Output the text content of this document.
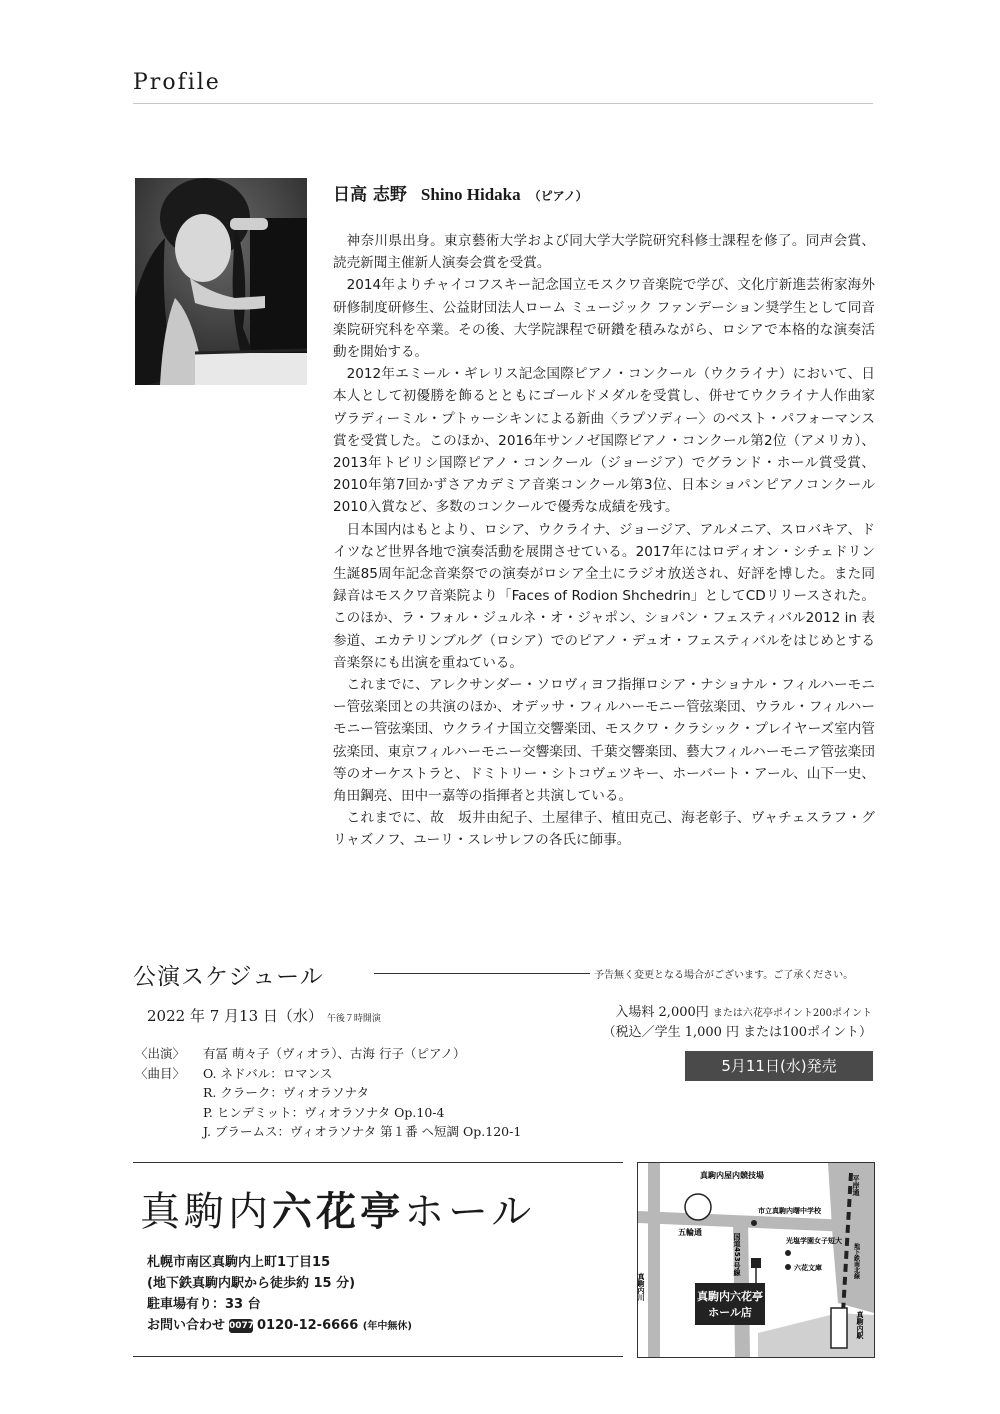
Profile
日高 志野 Shino Hidaka （ピアノ）

神奈川県出身。東京藝術大学および同大学大学院研究科修士課程を修了。同声会賞、読売新聞主催新人演奏会賞を受賞。

2014年よりチャイコフスキー記念国立モスクワ音楽院で学び、文化庁新進芸術家海外研修制度研修生、公益財団法人ローム ミュージック ファンデーション奨学生として同音楽院研究科を卒業。その後、大学院課程で研鑽を積みながら、ロシアで本格的な演奏活動を開始する。

2012年エミール・ギレリス記念国際ピアノ・コンクール（ウクライナ）において、日本人として初優勝を飾るとともにゴールドメダルを受賞し、併せてウクライナ人作曲家ヴラディーミル・プトゥーシキンによる新曲〈ラプソディー〉のベスト・パフォーマンス賞を受賞した。このほか、2016年サンノゼ国際ピアノ・コンクール第2位（アメリカ）、2013年トビリシ国際ピアノ・コンクール（ジョージア）でグランド・ホール賞受賞、2010年第7回かずさアカデミア音楽コンクール第3位、日本ショパンピアノコンクール2010入賞など、多数のコンクールで優秀な成績を残す。

日本国内はもとより、ロシア、ウクライナ、ジョージア、アルメニア、スロバキア、ドイツなど世界各地で演奏活動を展開させている。2017年にはロディオン・シチェドリン生誕85周年記念音楽祭での演奏がロシア全土にラジオ放送され、好評を博した。また同録音はモスクワ音楽院より「Faces of Rodion Shchedrin」としてCDリリースされた。このほか、ラ・フォル・ジュルネ・オ・ジャポン、ショパン・フェスティバル2012 in 表参道、エカテリンブルグ（ロシア）でのピアノ・デュオ・フェスティバルをはじめとする音楽祭にも出演を重ねている。

これまでに、アレクサンダー・ソロヴィヨフ指揮ロシア・ナショナル・フィルハーモニー管弦楽団との共演のほか、オデッサ・フィルハーモニー管弦楽団、ウラル・フィルハーモニー管弦楽団、ウクライナ国立交響楽団、モスクワ・クラシック・プレイヤーズ室内管弦楽団、東京フィルハーモニー交響楽団、千葉交響楽団、藝大フィルハーモニア管弦楽団等のオーケストラと、ドミトリー・シトコヴェツキー、ホーバート・アール、山下一史、角田鋼亮、田中一嘉等の指揮者と共演している。

これまでに、故　坂井由紀子、土屋律子、植田克己、海老彰子、ヴャチェスラフ・グリャズノフ、ユーリ・スレサレフの各氏に師事。

公演スケジュール	予告無く変更となる場合がございます。ご了承ください。
2022 年 7 月13 日（水） 午後７時開演	入場料 2,000円 または六花亭ポイント200ポイント
（税込／学生 1,000 円 または100ポイント）
5月11日(水)発売
〈出演〉 有冨 萌々子（ヴィオラ）、古海 行子（ピアノ）
〈曲目〉 O. ネドバル：ロマンス
R. クラーク：ヴィオラソナタ
P. ヒンデミット：ヴィオラソナタ Op.10-4
J. ブラームス：ヴィオラソナタ 第１番 ヘ短調 Op.120-1
真駒内六花亭ホール
札幌市南区真駒内上町1丁目15
(地下鉄真駒内駅から徒歩約 15 分)
駐車場有り：33 台
お問い合わせ 0077 0120-12-6666 (年中無休)
真駒内六花亭
ホール店
真駒内屋内競技場
市立真駒内曙中学校
五輪通
国道453号線	光塩学園女子短大
六花文庫
真駒内川
平岸通
地下鉄南北線
真駒内駅
